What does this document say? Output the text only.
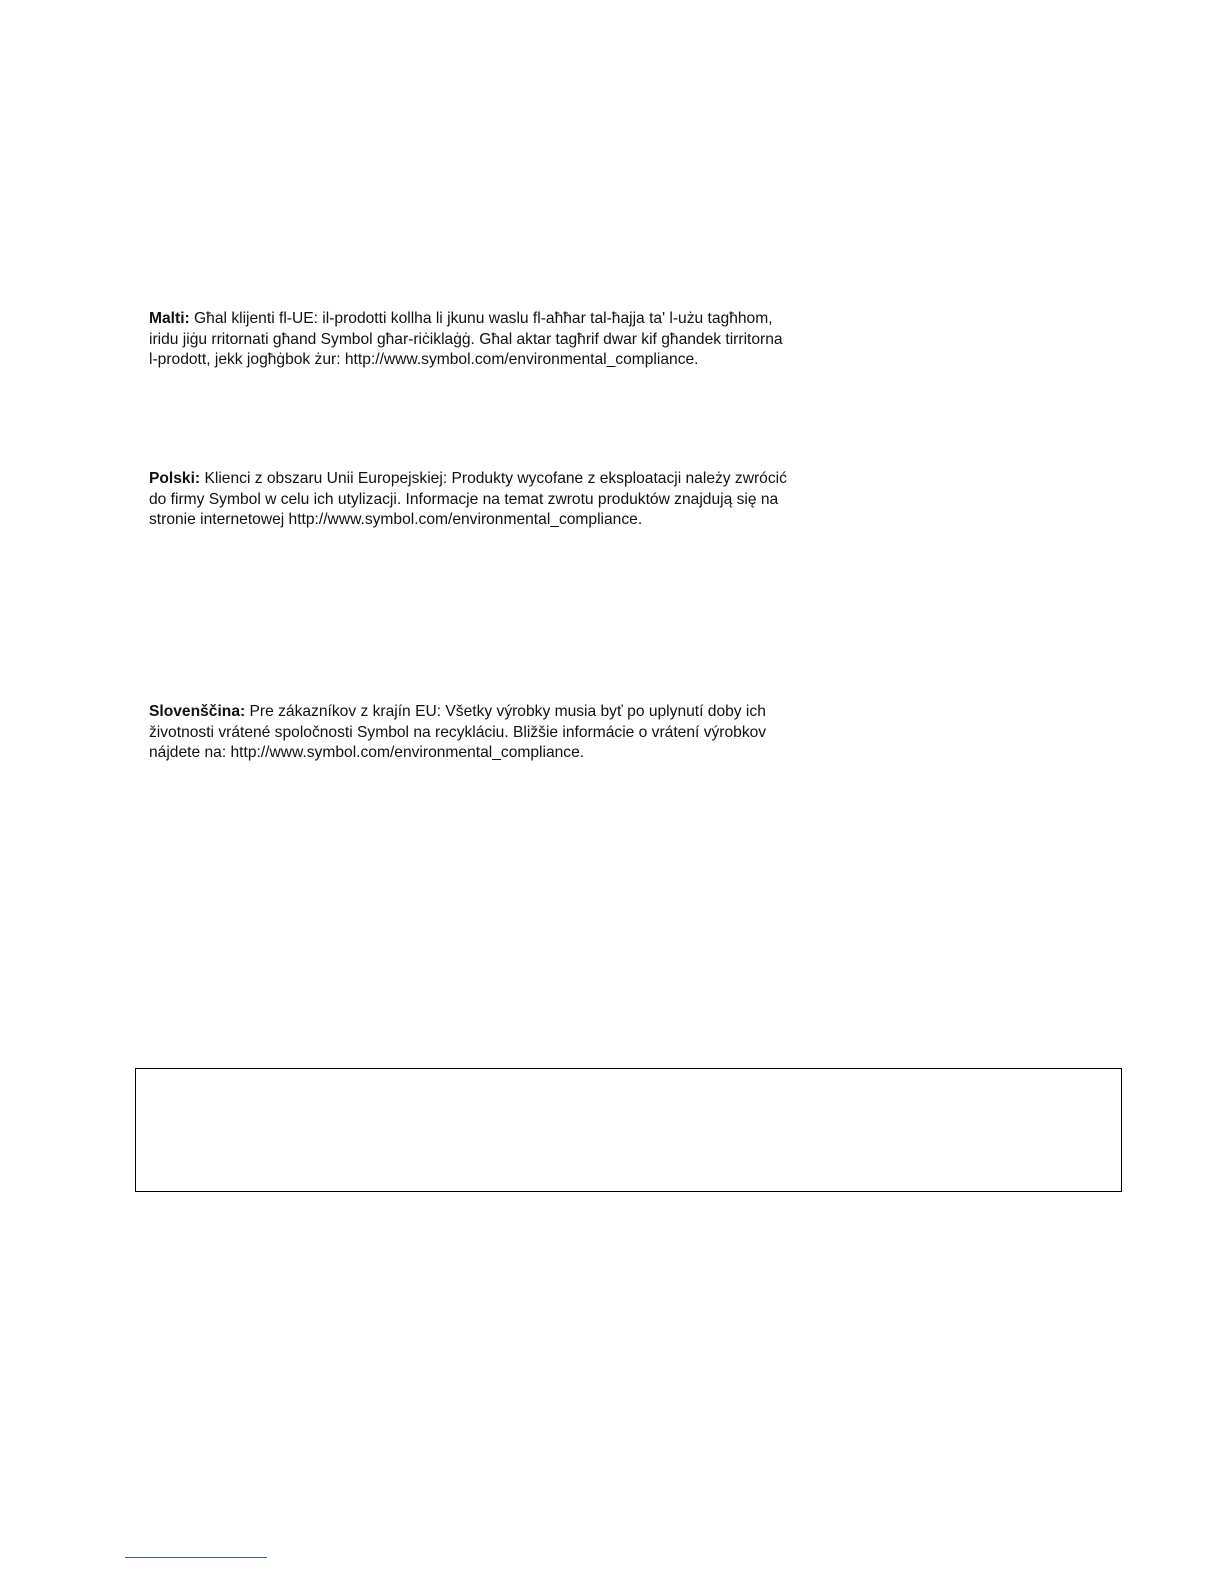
Malti: Għal klijenti fl-UE: il-prodotti kollha li jkunu waslu fl-aħħar tal-ħajja ta' l-użu tagħhom,
iridu jiġu rritornati għand Symbol għar-riċiklaġġ. Għal aktar tagħrif dwar kif għandek tirritorna
l-prodott, jekk jogħġbok żur: http://www.symbol.com/environmental_compliance.

Polski: Klienci z obszaru Unii Europejskiej: Produkty wycofane z eksploatacji należy zwrócić
do firmy Symbol w celu ich utylizacji. Informacje na temat zwrotu produktów znajdują się na
stronie internetowej http://www.symbol.com/environmental_compliance.

Slovenščina: Pre zákazníkov z krajín EU: Všetky výrobky musia byť po uplynutí doby ich
životnosti vrátené spoločnosti Symbol na recykláciu. Bližšie informácie o vrátení výrobkov
nájdete na: http://www.symbol.com/environmental_compliance.
